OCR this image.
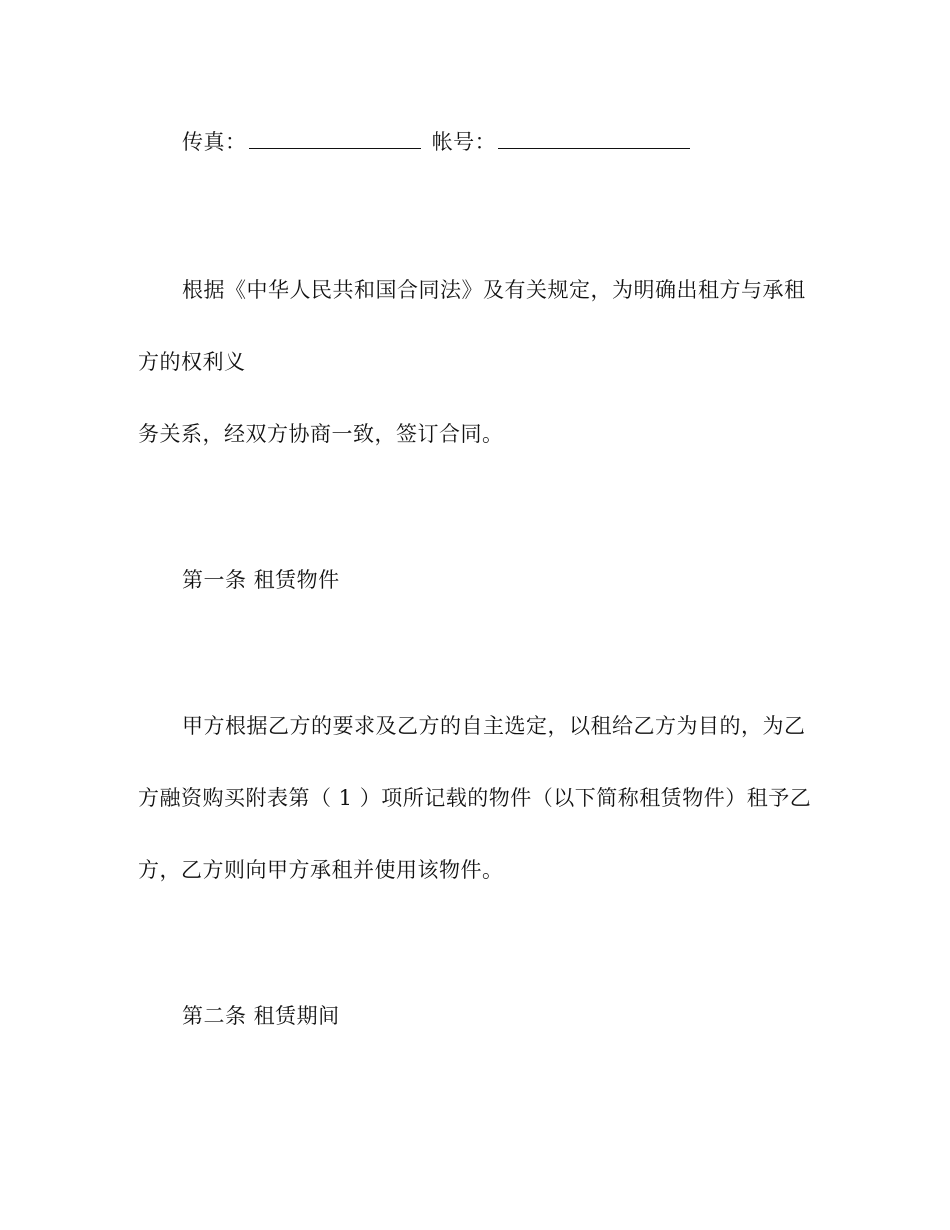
传真：	帐号：
根据《中华人民共和国合同法》及有关规定，为明确出租方与承租
方的权利义
务关系，经双方协商一致，签订合同。
第一条 租赁物件
甲方根据乙方的要求及乙方的自主选定，以租给乙方为目的，为乙
方融资购买附表第（ 1 ）项所记载的物件（以下简称租赁物件）租予乙
方，乙方则向甲方承租并使用该物件。
第二条 租赁期间
